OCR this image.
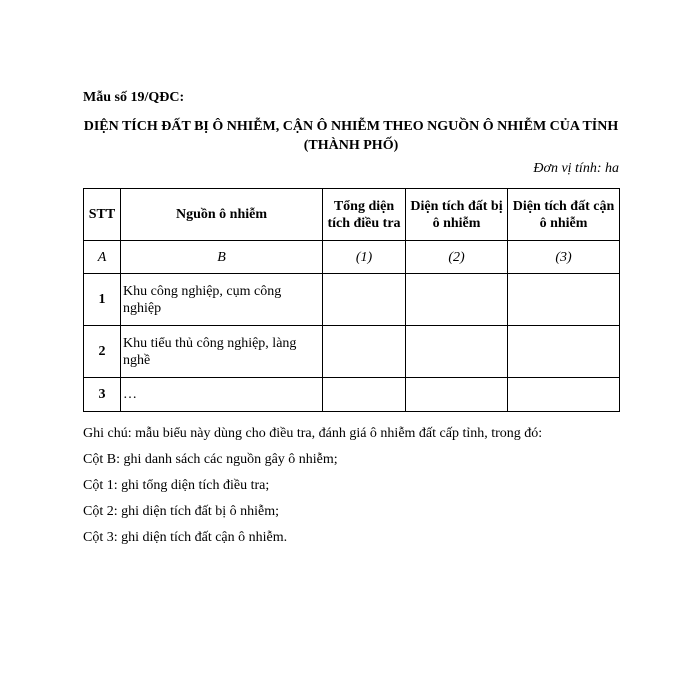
Mẫu số 19/QĐC:
DIỆN TÍCH ĐẤT BỊ Ô NHIỄM, CẬN Ô NHIỄM THEO NGUỒN Ô NHIỄM CỦA TỈNH (THÀNH PHỐ)
Đơn vị tính: ha
STT	Nguồn ô nhiễm	Tổng diện tích điều tra	Diện tích đất bị ô nhiễm	Diện tích đất cận ô nhiễm
A	B	(1)	(2)	(3)
1	Khu công nghiệp, cụm công nghiệp			
2	Khu tiểu thủ công nghiệp, làng nghề			
3	…			

Ghi chú: mẫu biểu này dùng cho điều tra, đánh giá ô nhiễm đất cấp tỉnh, trong đó:

Cột B: ghi danh sách các nguồn gây ô nhiễm;

Cột 1: ghi tổng diện tích điều tra;

Cột 2: ghi diện tích đất bị ô nhiễm;

Cột 3: ghi diện tích đất cận ô nhiễm.
